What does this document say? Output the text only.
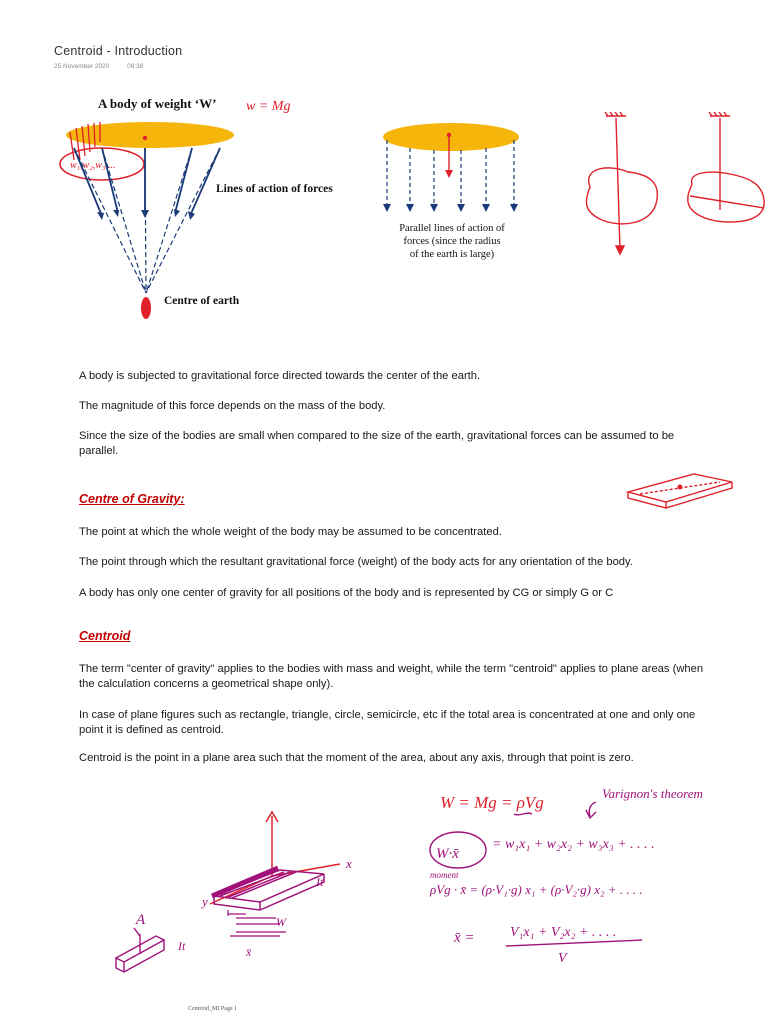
Centroid - Introduction
25 November 2020	09:38
A body of weight ‘W’ w = Mg
w₁,w₂,w₃ ...
Lines of action of forces
Centre of earth
Parallel lines of action of
forces (since the radius
of the earth is large)
A body is subjected to gravitational force directed towards the center of the earth.
The magnitude of this force depends on the mass of the body.
Since the size of the bodies are small when compared to the size of the earth, gravitational forces can be assumed to be parallel.
Centre of Gravity:
The point at which the whole weight of the body may be assumed to be concentrated.
The point through which the resultant gravitational force (weight) of the body acts for any orientation of the body.
A body has only one center of gravity for all positions of the body and is represented by CG or simply G or C
Centroid
The term "center of gravity" applies to the bodies with mass and weight, while the term "centroid" applies to plane areas (when the calculation concerns a geometrical shape only).
In case of plane figures such as rectangle, triangle, circle, semicircle, etc if the total area is concentrated at one and only one point it is defined as centroid.
Centroid is the point in a plane area such that the moment of the area, about any axis, through that point is zero.
x
y
It
W
x̄
A
It
W = Mg = ρVg	Varignon's theorem
W·x̄
= w₁x₁ + w₂x₂ + w₃x₃ + . . . .
moment
ρVg · x̄ = (ρ·V₁·g) x₁ + (ρ·V₂·g) x₂ + . . . .
x̄ =	V₁x₁ + V₂x₂ + . . . .
V
Centroid_MI Page 1
